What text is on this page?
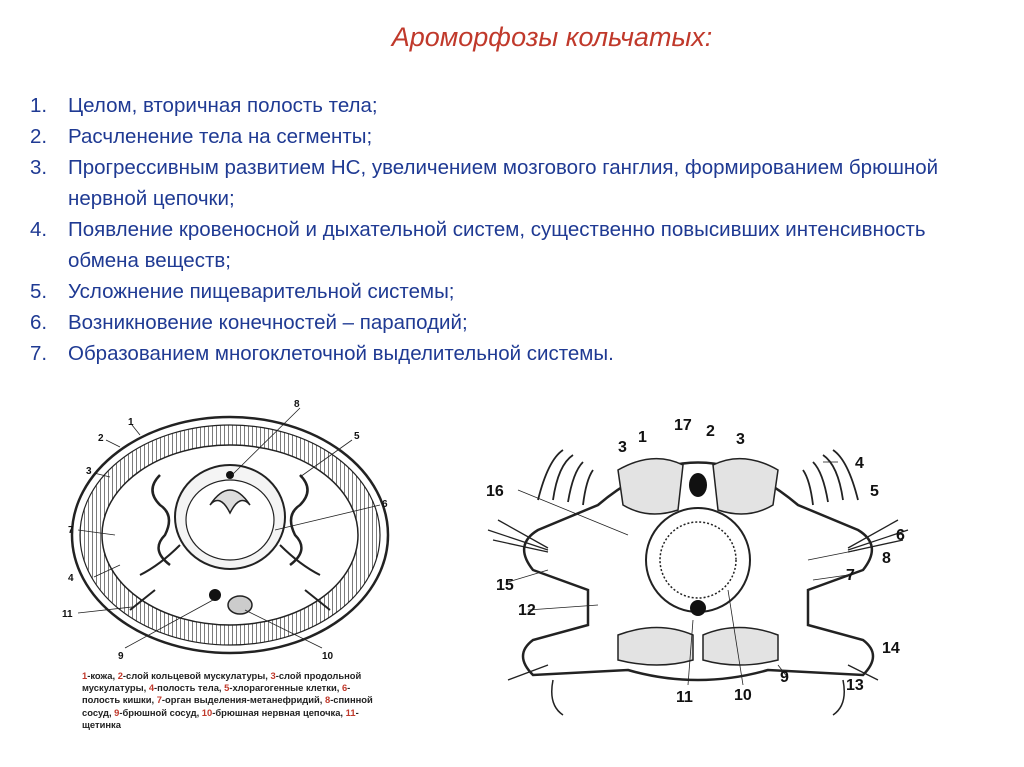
Ароморфозы кольчатых:
1.	Целом, вторичная полость тела;
2.	Расчленение тела на сегменты;
3.	Прогрессивным развитием НС, увеличением мозгового ганглия, формированием брюшной нервной цепочки;
4.	Появление кровеносной и дыхательной систем, существенно повысивших интенсивность обмена веществ;
5.	Усложнение пищеварительной системы;
6.	Возникновение конечностей – параподий;
7.	Образованием многоклеточной выделительной системы.
1
2
3
4
5
6
7
8
9	10
11
1-кожа, 2-слой кольцевой мускулатуры, 3-слой продольной мускулатуры, 4-полость тела, 5-хлорагогенные клетки, 6-полость кишки, 7-орган выделения-метанефридий, 8-спинной сосуд, 9-брюшной сосуд, 10-брюшная нервная цепочка, 11-щетинка
1	2
3	3
4
5
6
7
8
9
10
11
12
13
14
15
16
17
